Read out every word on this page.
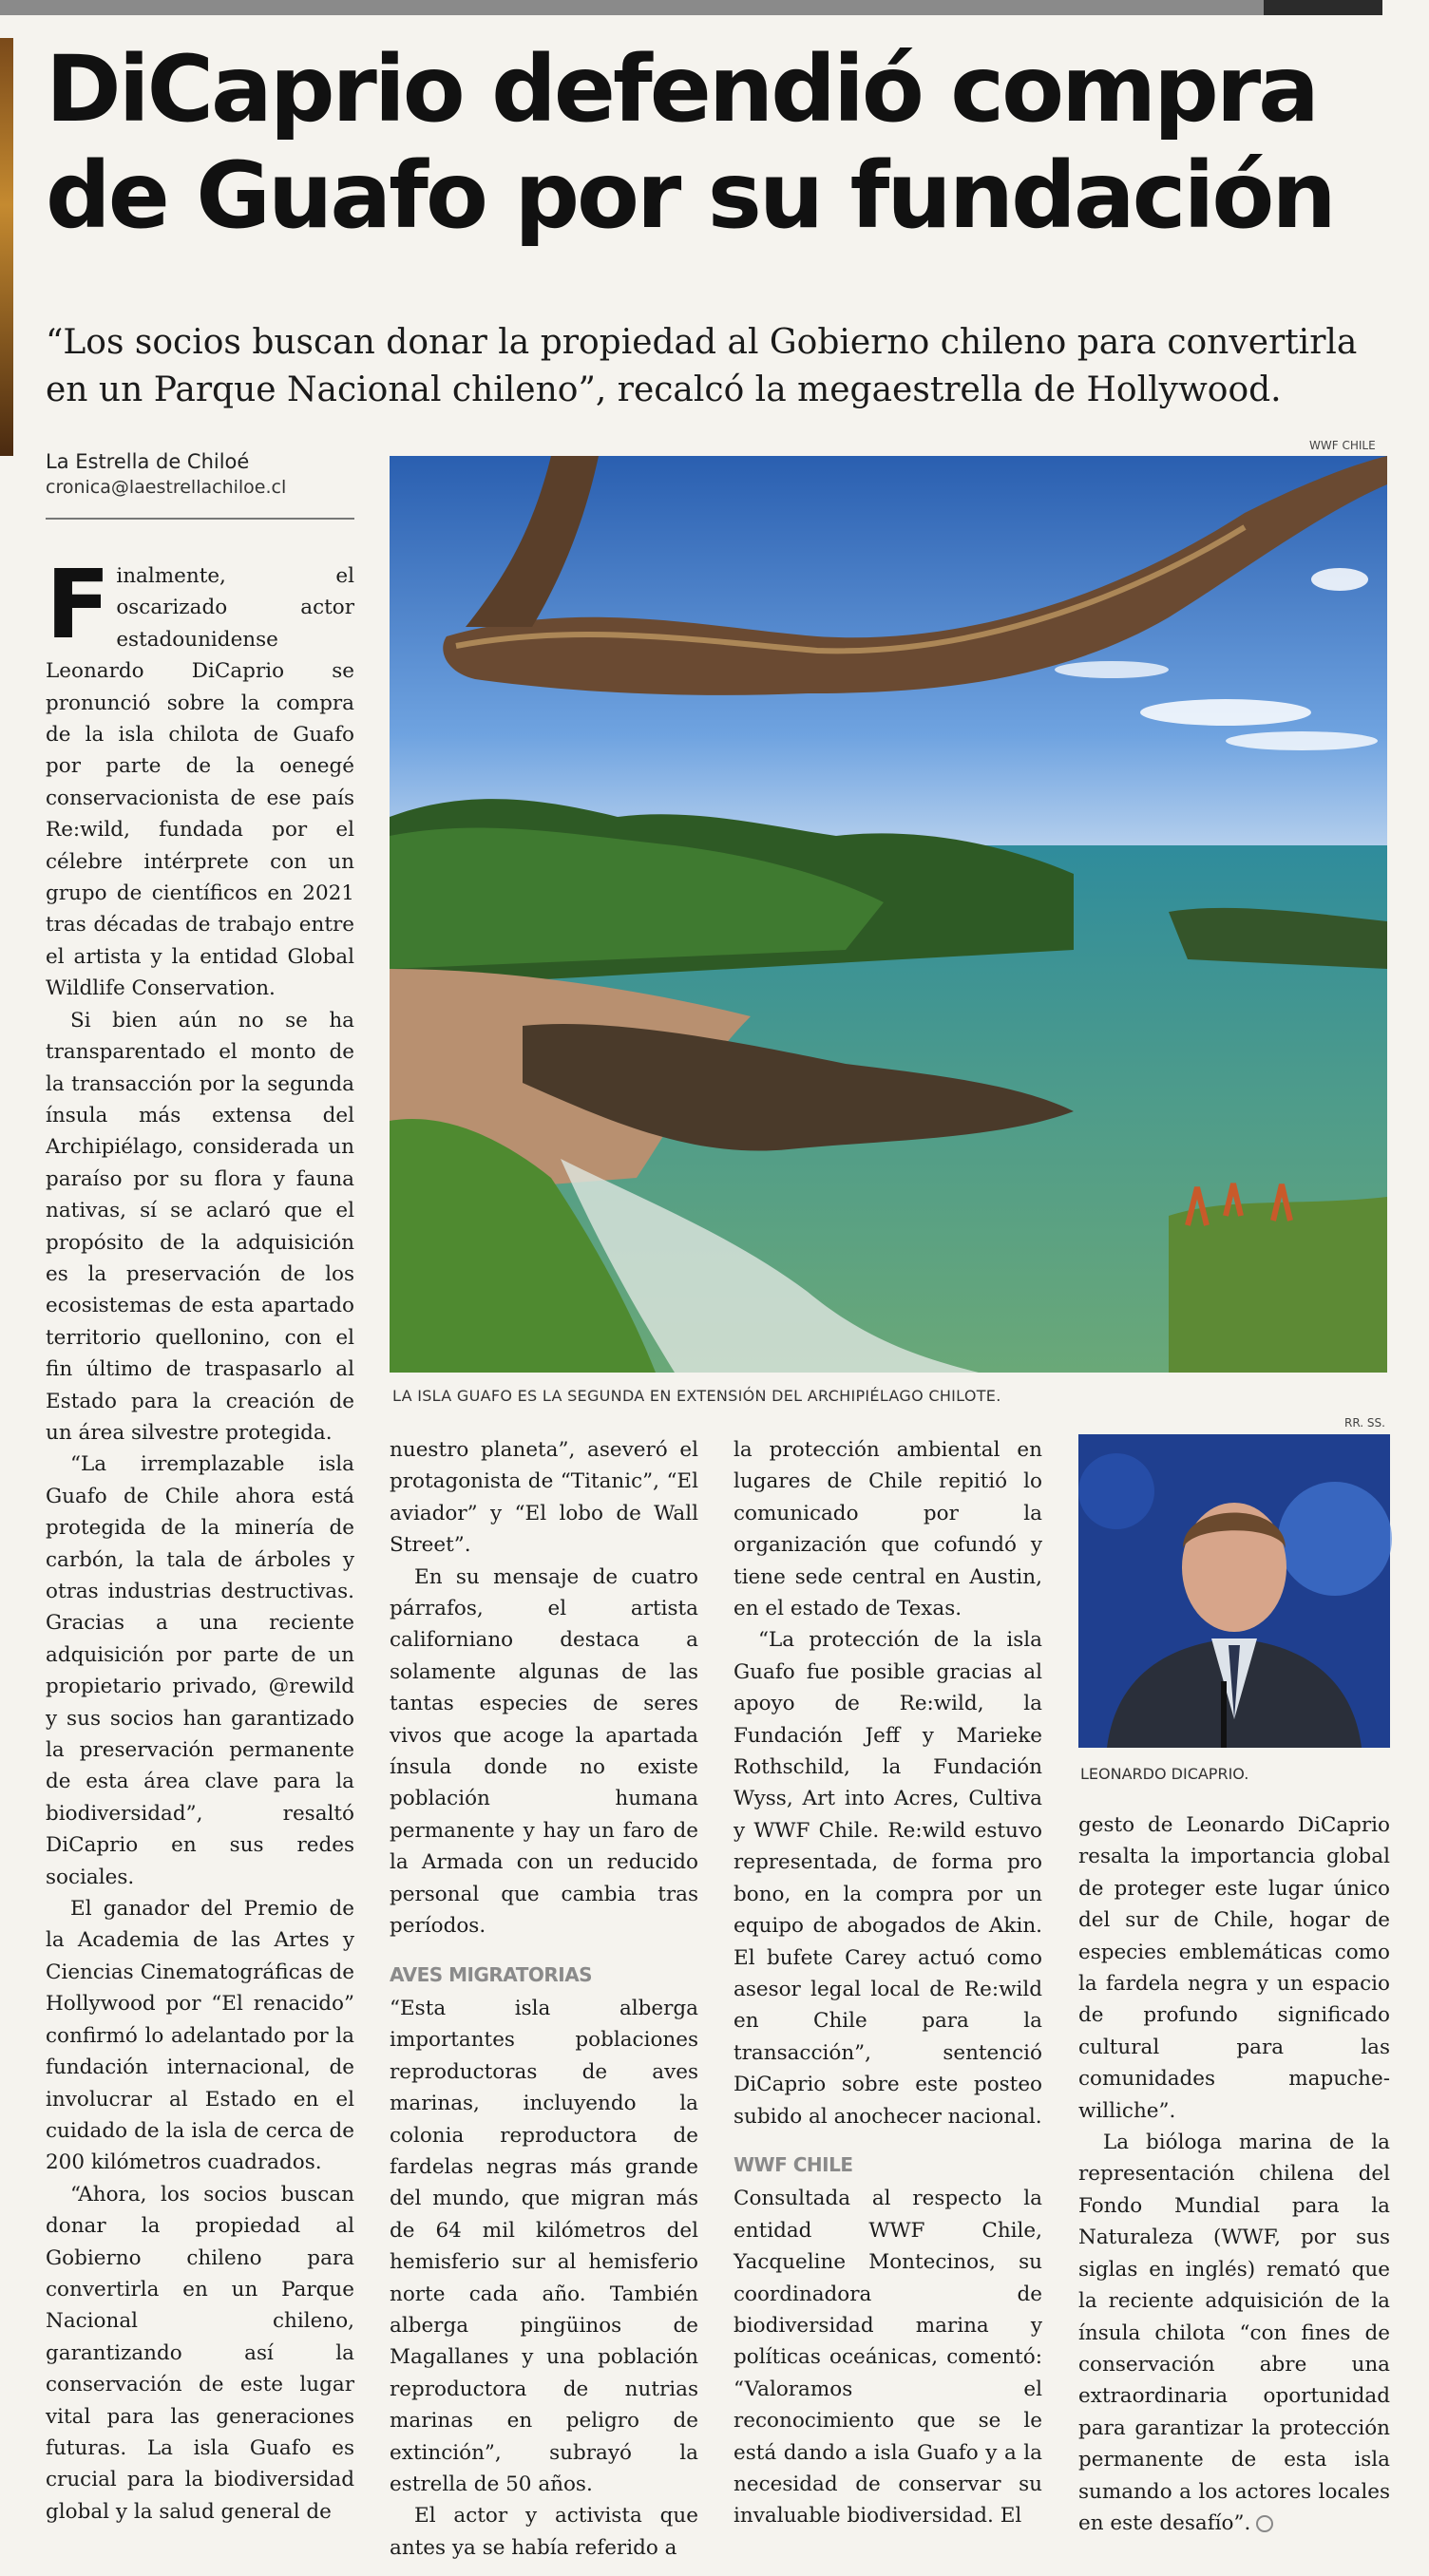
DiCaprio defendió compra de Guafo por su fundación

“Los socios buscan donar la propiedad al Gobierno chileno para convertirla en un Parque Nacional chileno”, recalcó la megaestrella de Hollywood.

La Estrella de Chiloé
cronica@laestrellachiloe.cl
WWF CHILE
LA ISLA GUAFO ES LA SEGUNDA EN EXTENSIÓN DEL ARCHIPIÉLAGO CHILOTE.
RR. SS.
LEONARDO DICAPRIO.

Finalmente, el oscarizado actor estadounidense Leonardo DiCaprio se pronunció sobre la compra de la isla chilota de Guafo por parte de la oenegé conservacionista de ese país Re:wild, fundada por el célebre intérprete con un grupo de científicos en 2021 tras décadas de trabajo entre el artista y la entidad Global Wildlife Conservation.

Si bien aún no se ha transparentado el monto de la transacción por la segunda ínsula más extensa del Archipiélago, considerada un paraíso por su flora y fauna nativas, sí se aclaró que el propósito de la adquisición es la preservación de los ecosistemas de esta apartado territorio quellonino, con el fin último de traspasarlo al Estado para la creación de un área silvestre protegida.

“La irremplazable isla Guafo de Chile ahora está protegida de la minería de carbón, la tala de árboles y otras industrias destructivas. Gracias a una reciente adquisición por parte de un propietario privado, @rewild y sus socios han garantizado la preservación permanente de esta área clave para la biodiversidad”, resaltó DiCaprio en sus redes sociales.

El ganador del Premio de la Academia de las Artes y Ciencias Cinematográficas de Hollywood por “El renacido” confirmó lo adelantado por la fundación internacional, de involucrar al Estado en el cuidado de la isla de cerca de 200 kilómetros cuadrados.

“Ahora, los socios buscan donar la propiedad al Gobierno chileno para convertirla en un Parque Nacional chileno, garantizando así la conservación de este lugar vital para las generaciones futuras. La isla Guafo es crucial para la biodiversidad global y la salud general de

nuestro planeta”, aseveró el protagonista de “Titanic”, “El aviador” y “El lobo de Wall Street”.

En su mensaje de cuatro párrafos, el artista californiano destaca a solamente algunas de las tantas especies de seres vivos que acoge la apartada ínsula donde no existe población humana permanente y hay un faro de la Armada con un reducido personal que cambia tras períodos.

AVES MIGRATORIAS

“Esta isla alberga importantes poblaciones reproductoras de aves marinas, incluyendo la colonia reproductora de fardelas negras más grande del mundo, que migran más de 64 mil kilómetros del hemisferio sur al hemisferio norte cada año. También alberga pingüinos de Magallanes y una población reproductora de nutrias marinas en peligro de extinción”, subrayó la estrella de 50 años.

El actor y activista que antes ya se había referido a

la protección ambiental en lugares de Chile repitió lo comunicado por la organización que cofundó y tiene sede central en Austin, en el estado de Texas.

“La protección de la isla Guafo fue posible gracias al apoyo de Re:wild, la Fundación Jeff y Marieke Rothschild, la Fundación Wyss, Art into Acres, Cultiva y WWF Chile. Re:wild estuvo representada, de forma pro bono, en la compra por un equipo de abogados de Akin. El bufete Carey actuó como asesor legal local de Re:wild en Chile para la transacción”, sentenció DiCaprio sobre este posteo subido al anochecer nacional.

WWF CHILE

Consultada al respecto la entidad WWF Chile, Yacqueline Montecinos, su coordinadora de biodiversidad marina y políticas oceánicas, comentó: “Valoramos el reconocimiento que se le está dando a isla Guafo y a la necesidad de conservar su invaluable biodiversidad. El

gesto de Leonardo DiCaprio resalta la importancia global de proteger este lugar único del sur de Chile, hogar de especies emblemáticas como la fardela negra y un espacio de profundo significado cultural para las comunidades mapuche-williche”.

La bióloga marina de la representación chilena del Fondo Mundial para la Naturaleza (WWF, por sus siglas en inglés) remató que la reciente adquisición de la ínsula chilota “con fines de conservación abre una extraordinaria oportunidad para garantizar la protección permanente de esta isla sumando a los actores locales en este desafío”.
